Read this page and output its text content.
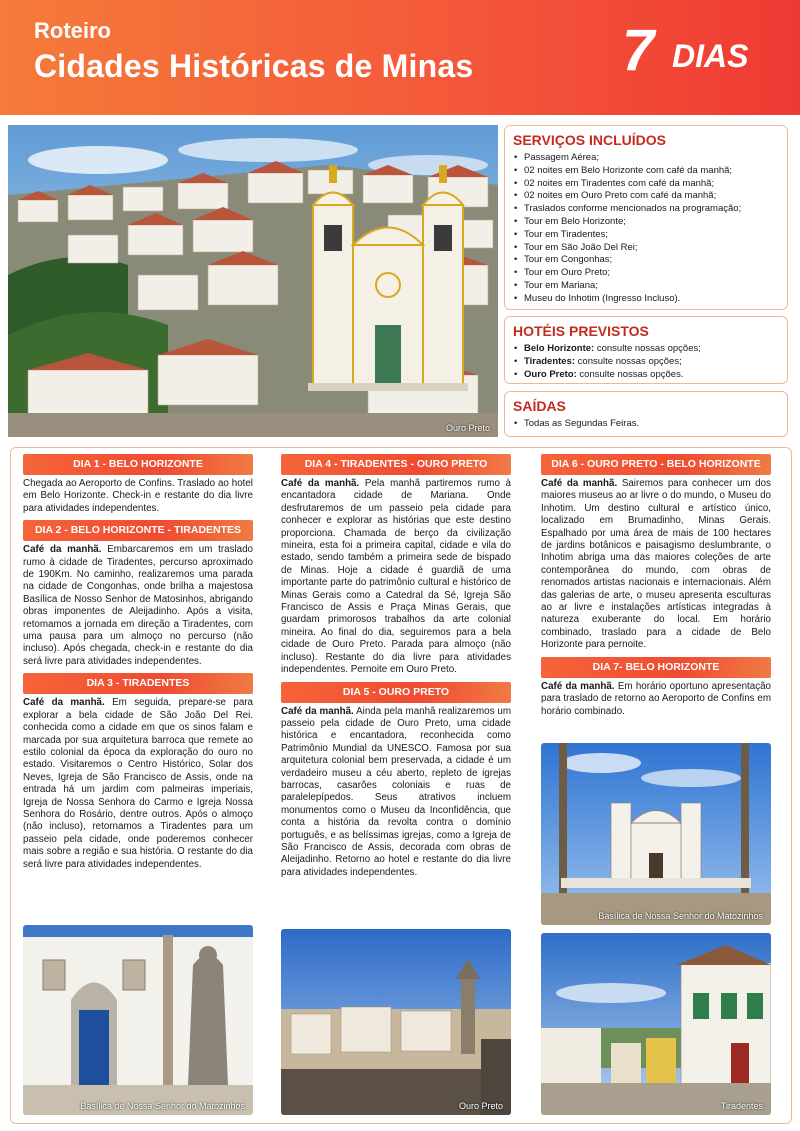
Roteiro
Cidades Históricas de Minas	7 DIAS
Ouro Preto
SERVIÇOS INCLUÍDOS
• Passagem Aérea;
• 02 noites em Belo Horizonte com café da manhã;
• 02 noites em Tiradentes com café da manhã;
• 02 noites em Ouro Preto com café da manhã;
• Traslados conforme mencionados na programação;
• Tour em Belo Horizonte;
• Tour em Tiradentes;
• Tour em São João Del Rei;
• Tour em Congonhas;
• Tour em Ouro Preto;
• Tour em Mariana;
• Museu do Inhotim (Ingresso Incluso).
HOTÉIS PREVISTOS
• Belo Horizonte: consulte nossas opções;
• Tiradentes: consulte nossas opções;
• Ouro Preto: consulte nossas opções.
SAÍDAS
• Todas as Segundas Feiras.
DIA 1 - BELO HORIZONTE

Chegada ao Aeroporto de Confins. Traslado ao hotel em Belo Horizonte. Check-in e restante do dia livre para atividades independentes.

DIA 2 - BELO HORIZONTE - TIRADENTES

Café da manhã. Embarcaremos em um traslado rumo à cidade de Tiradentes, percurso aproximado de 190Km. No caminho, realizaremos uma parada na cidade de Congonhas, onde brilha a majestosa Basílica de Nosso Senhor de Matosinhos, abrigando obras imponentes de Aleijadinho. Após a visita, retomamos a jornada em direção a Tiradentes, com uma pausa para um almoço no percurso (não incluso). Após chegada, check-in e restante do dia será livre para atividades independentes.

DIA 3 - TIRADENTES

Café da manhã. Em seguida, prepare-se para explorar a bela cidade de São João Del Rei. conhecida como a cidade em que os sinos falam e marcada por sua arquitetura barroca que remete ao estilo colonial da época da exploração do ouro no estado. Visitaremos o Centro Histórico, Solar dos Neves, Igreja de São Francisco de Assis, onde na entrada há um jardim com palmeiras imperiais, Igreja de Nossa Senhora do Carmo e Igreja Nossa Senhora do Rosário, dentre outros. Após o almoço (não incluso), retornamos a Tiradentes para um passeio pela cidade, onde poderemos conhecer mais sobre a região e sua história. O restante do dia será livre para atividades independentes.

DIA 4 - TIRADENTES - OURO PRETO

Café da manhã. Pela manhã partiremos rumo à encantadora cidade de Mariana. Onde desfrutaremos de um passeio pela cidade para conhecer e explorar as histórias que este destino proporciona. Chamada de berço da civilização mineira, esta foi a primeira capital, cidade e vila do estado, sendo também a primeira sede de bispado de Minas. Hoje a cidade é guardiã de uma importante parte do patrimônio cultural e histórico de Minas Gerais como a Catedral da Sé, Igreja São Francisco de Assis e Praça Minas Gerais, que guardam primorosos trabalhos da arte colonial mineira. Ao final do dia, seguiremos para a bela cidade de Ouro Preto. Parada para almoço (não incluso). Restante do dia livre para atividades independentes. Pernoite em Ouro Preto.

DIA 5 - OURO PRETO

Café da manhã. Ainda pela manhã realizaremos um passeio pela cidade de Ouro Preto, uma cidade histórica e encantadora, reconhecida como Patrimônio Mundial da UNESCO. Famosa por sua arquitetura colonial bem preservada, a cidade é um verdadeiro museu a céu aberto, repleto de igrejas barrocas, casarões coloniais e ruas de paralelepípedos. Seus atrativos incluem monumentos como o Museu da Inconfidência, que conta a história da revolta contra o domínio português, e as belíssimas igrejas, como a Igreja de São Francisco de Assis, decorada com obras de Aleijadinho. Retorno ao hotel e restante do dia livre para atividades independentes.

DIA 6 - OURO PRETO - BELO HORIZONTE

Café da manhã. Sairemos para conhecer um dos maiores museus ao ar livre o do mundo, o Museu do Inhotim. Um destino cultural e artístico único, localizado em Brumadinho, Minas Gerais. Espalhado por uma área de mais de 100 hectares de jardins botânicos e paisagismo deslumbrante, o Inhotim abriga uma das maiores coleções de arte contemporânea do mundo, com obras de renomados artistas nacionais e internacionais. Além das galerias de arte, o museu apresenta esculturas ao ar livre e instalações artísticas integradas à natureza exuberante do local. Em horário combinado, traslado para a cidade de Belo Horizonte para pernoite.

DIA 7- BELO HORIZONTE

Café da manhã. Em horário oportuno apresentação para traslado de retorno ao Aeroporto de Confins em horário combinado.

Basílica de Nossa Senhor do Matozinhos	Ouro Preto
Basílica de Nossa Senhor do Matozinhos
Tiradentes
